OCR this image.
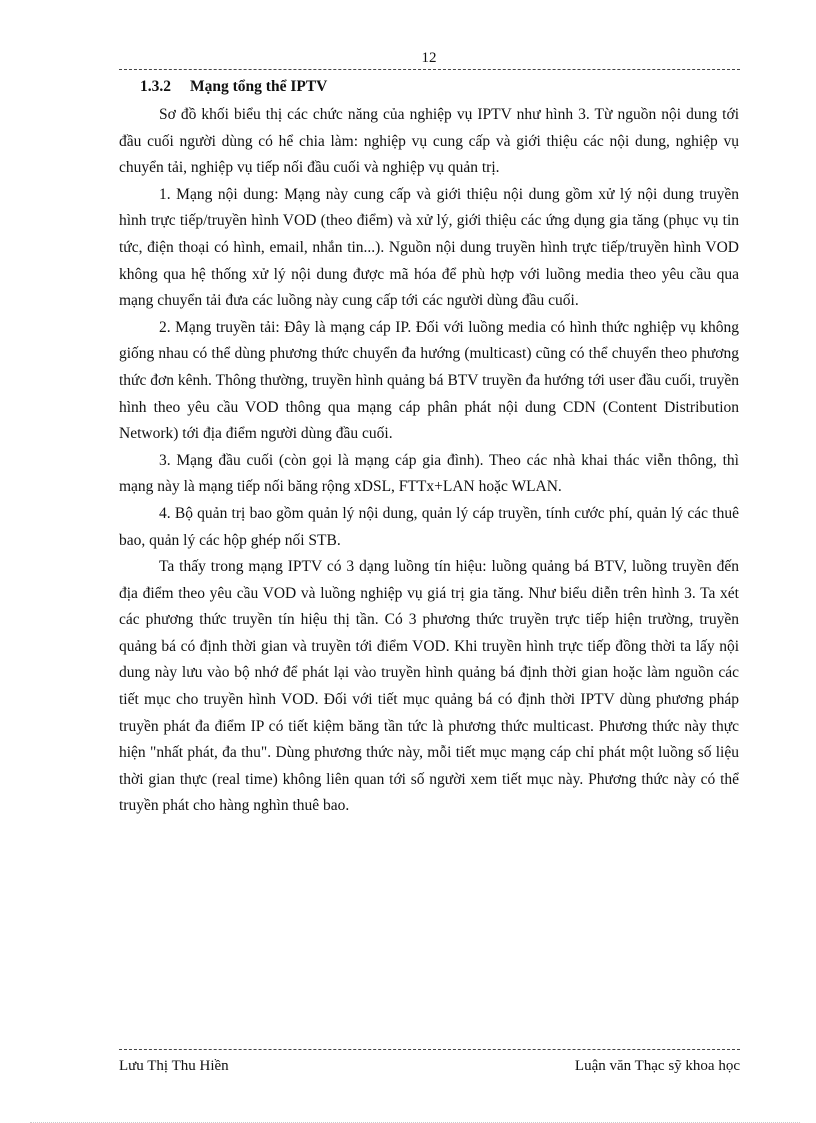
12

1.3.2 Mạng tổng thể IPTV

Sơ đồ khối biểu thị các chức năng của nghiệp vụ IPTV như hình 3. Từ nguồn nội dung tới đầu cuối người dùng có hể chia làm: nghiệp vụ cung cấp và giới thiệu các nội dung, nghiệp vụ chuyển tải, nghiệp vụ tiếp nối đầu cuối và nghiệp vụ quản trị.

1. Mạng nội dung: Mạng này cung cấp và giới thiệu nội dung gồm xử lý nội dung truyền hình trực tiếp/truyền hình VOD (theo điểm) và xử lý, giới thiệu các ứng dụng gia tăng (phục vụ tin tức, điện thoại có hình, email, nhắn tin...). Nguồn nội dung truyền hình trực tiếp/truyền hình VOD không qua hệ thống xử lý nội dung được mã hóa để phù hợp với luồng media theo yêu cầu qua mạng chuyển tải đưa các luồng này cung cấp tới các người dùng đầu cuối.

2. Mạng truyền tải: Đây là mạng cáp IP. Đối với luồng media có hình thức nghiệp vụ không giống nhau có thể dùng phương thức chuyển đa hướng (multicast) cũng có thể chuyển theo phương thức đơn kênh. Thông thường, truyền hình quảng bá BTV truyền đa hướng tới user đầu cuối, truyền hình theo yêu cầu VOD thông qua mạng cáp phân phát nội dung CDN (Content Distribution Network) tới địa điểm người dùng đầu cuối.

3. Mạng đầu cuối (còn gọi là mạng cáp gia đình). Theo các nhà khai thác viễn thông, thì mạng này là mạng tiếp nối băng rộng xDSL, FTTx+LAN hoặc WLAN.

4. Bộ quản trị bao gồm quản lý nội dung, quản lý cáp truyền, tính cước phí, quản lý các thuê bao, quản lý các hộp ghép nối STB.

Ta thấy trong mạng IPTV có 3 dạng luồng tín hiệu: luồng quảng bá BTV, luồng truyền đến địa điểm theo yêu cầu VOD và luồng nghiệp vụ giá trị gia tăng. Như biểu diễn trên hình 3. Ta xét các phương thức truyền tín hiệu thị tần. Có 3 phương thức truyền trực tiếp hiện trường, truyền quảng bá có định thời gian và truyền tới điểm VOD. Khi truyền hình trực tiếp đồng thời ta lấy nội dung này lưu vào bộ nhớ để phát lại vào truyền hình quảng bá định thời gian hoặc làm nguồn các tiết mục cho truyền hình VOD. Đối với tiết mục quảng bá có định thời IPTV dùng phương pháp truyền phát đa điểm IP có tiết kiệm băng tần tức là phương thức multicast. Phương thức này thực hiện "nhất phát, đa thu". Dùng phương thức này, mỗi tiết mục mạng cáp chỉ phát một luồng số liệu thời gian thực (real time) không liên quan tới số người xem tiết mục này. Phương thức này có thể truyền phát cho hàng nghìn thuê bao.

Lưu Thị Thu Hiền	Luận văn Thạc sỹ khoa học
